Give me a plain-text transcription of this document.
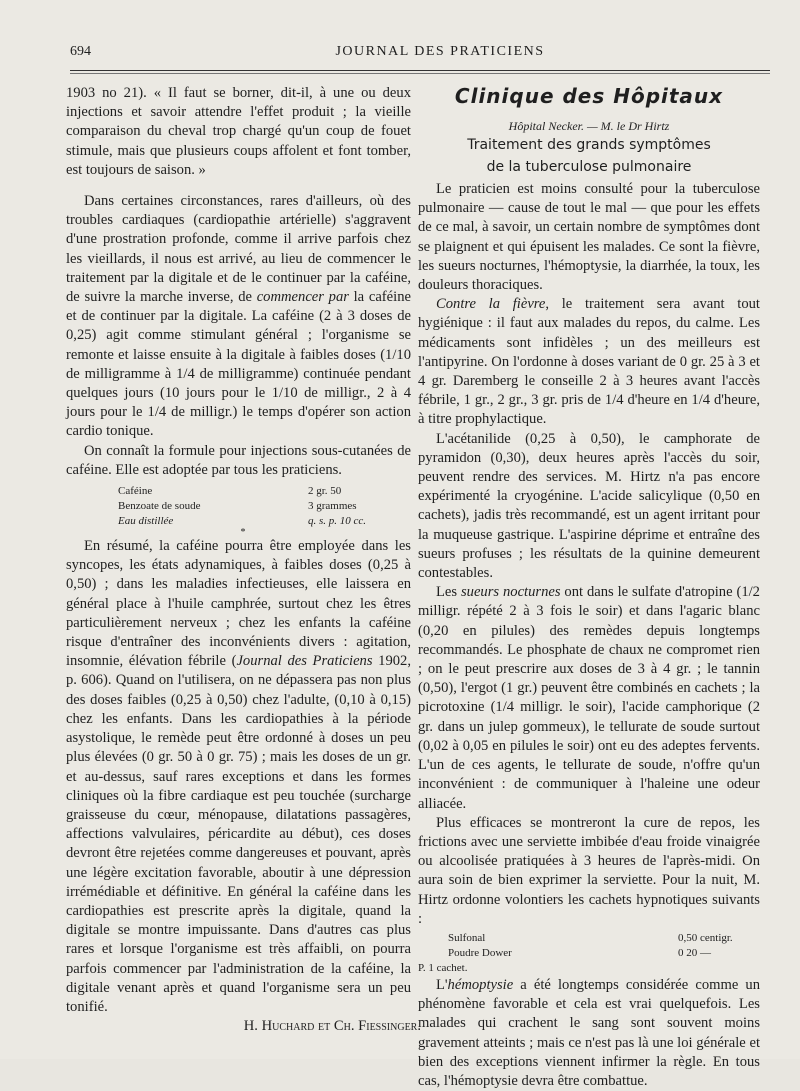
694	JOURNAL DES PRATICIENS

1903 no 21). « Il faut se borner, dit-il, à une ou deux injections et savoir attendre l'effet produit ; la vieille comparaison du cheval trop chargé qu'un coup de fouet stimule, mais que plusieurs coups affolent et font tomber, est toujours de saison. »

Dans certaines circonstances, rares d'ailleurs, où des troubles cardiaques (cardiopathie artérielle) s'aggravent d'une prostration profonde, comme il arrive parfois chez les vieillards, il nous est arrivé, au lieu de commencer le traitement par la digitale et de le continuer par la caféine, de suivre la marche inverse, de commencer par la caféine et de continuer par la digitale. La caféine (2 à 3 doses de 0,25) agit comme stimulant général ; l'organisme se remonte et laisse ensuite à la digitale à faibles doses (1/10 de milligramme à 1/4 de milligramme) continuée pendant quelques jours (10 jours pour le 1/10 de milligr., 2 à 4 jours pour le 1/4 de milligr.) le temps d'opérer son action cardio tonique.

On connaît la formule pour injections sous-cutanées de caféine. Elle est adoptée par tous les praticiens.

Caféine	2 gr. 50
Benzoate de soude	3 grammes
Eau distillée	q. s. p. 10 cc.
*

En résumé, la caféine pourra être employée dans les syncopes, les états adynamiques, à faibles doses (0,25 à 0,50) ; dans les maladies infectieuses, elle laissera en général place à l'huile camphrée, surtout chez les êtres particulièrement nerveux ; chez les enfants la caféine risque d'entraîner des inconvénients divers : agitation, insomnie, élévation fébrile (Journal des Praticiens 1902, p. 606). Quand on l'utilisera, on ne dépassera pas non plus des doses faibles (0,25 à 0,50) chez l'adulte, (0,10 à 0,15) chez les enfants. Dans les cardiopathies à la période asystolique, le remède peut être ordonné à doses un peu plus élevées (0 gr. 50 à 0 gr. 75) ; mais les doses de un gr. et au-dessus, sauf rares exceptions et dans les formes cliniques où la fibre cardiaque est peu touchée (surcharge graisseuse du cœur, ménopause, dilatations passagères, affections valvulaires, péricardite au début), ces doses devront être rejetées comme dangereuses et pouvant, après une légère excitation favorable, aboutir à une dépression irrémédiable et définitive. En général la caféine dans les cardiopathies est prescrite après la digitale, quand la digitale se montre impuissante. Dans d'autres cas plus rares et lorsque l'organisme est très affaibli, on pourra parfois commencer par l'administration de la caféine, la digitale venant après et quand l'organisme sera un peu tonifié.

H. Huchard et Ch. Fiessinger.

Clinique des Hôpitaux
Hôpital Necker. — M. le Dr Hirtz
Traitement des grands symptômes
de la tuberculose pulmonaire

Le praticien est moins consulté pour la tuberculose pulmonaire — cause de tout le mal — que pour les effets de ce mal, à savoir, un certain nombre de symptômes dont se plaignent et qui épuisent les malades. Ce sont la fièvre, les sueurs nocturnes, l'hémoptysie, la diarrhée, la toux, les douleurs thoraciques.

Contre la fièvre, le traitement sera avant tout hygiénique : il faut aux malades du repos, du calme. Les médicaments sont infidèles ; un des meilleurs est l'antipyrine. On l'ordonne à doses variant de 0 gr. 25 à 3 et 4 gr. Daremberg le conseille 2 à 3 heures avant l'accès fébrile, 1 gr., 2 gr., 3 gr. pris de 1/4 d'heure en 1/4 d'heure, à titre prophylactique.

L'acétanilide (0,25 à 0,50), le camphorate de pyramidon (0,30), deux heures après l'accès du soir, peuvent rendre des services. M. Hirtz n'a pas encore expérimenté la cryogénine. L'acide salicylique (0,50 en cachets), jadis très recommandé, est un agent irritant pour la muqueuse gastrique. L'aspirine déprime et entraîne des sueurs profuses ; les résultats de la quinine demeurent contestables.

Les sueurs nocturnes ont dans le sulfate d'atropine (1/2 milligr. répété 2 à 3 fois le soir) et dans l'agaric blanc (0,20 en pilules) des remèdes depuis longtemps recommandés. Le phosphate de chaux ne compromet rien ; on le peut prescrire aux doses de 3 à 4 gr. ; le tannin (0,50), l'ergot (1 gr.) peuvent être combinés en cachets ; la picrotoxine (1/4 milligr. le soir), l'acide camphorique (2 gr. dans un julep gommeux), le tellurate de soude surtout (0,02 à 0,05 en pilules le soir) ont eu des adeptes fervents. L'un de ces agents, le tellurate de soude, n'offre qu'un inconvénient : de communiquer à l'haleine une odeur alliacée.

Plus efficaces se montreront la cure de repos, les frictions avec une serviette imbibée d'eau froide vinaigrée ou alcoolisée pratiquées à 3 heures de l'après-midi. On aura soin de bien exprimer la serviette. Pour la nuit, M. Hirtz ordonne volontiers les cachets hypnotiques suivants :

Sulfonal	0,50 centigr.
Poudre Dower	0 20 —
P. 1 cachet.

L'hémoptysie a été longtemps considérée comme un phénomène favorable et cela est vrai quelquefois. Les malades qui crachent le sang sont souvent moins gravement atteints ; mais ce n'est pas là une loi générale et bien des exceptions viennent infirmer la règle. En tous cas, l'hémoptysie devra être combattue.
